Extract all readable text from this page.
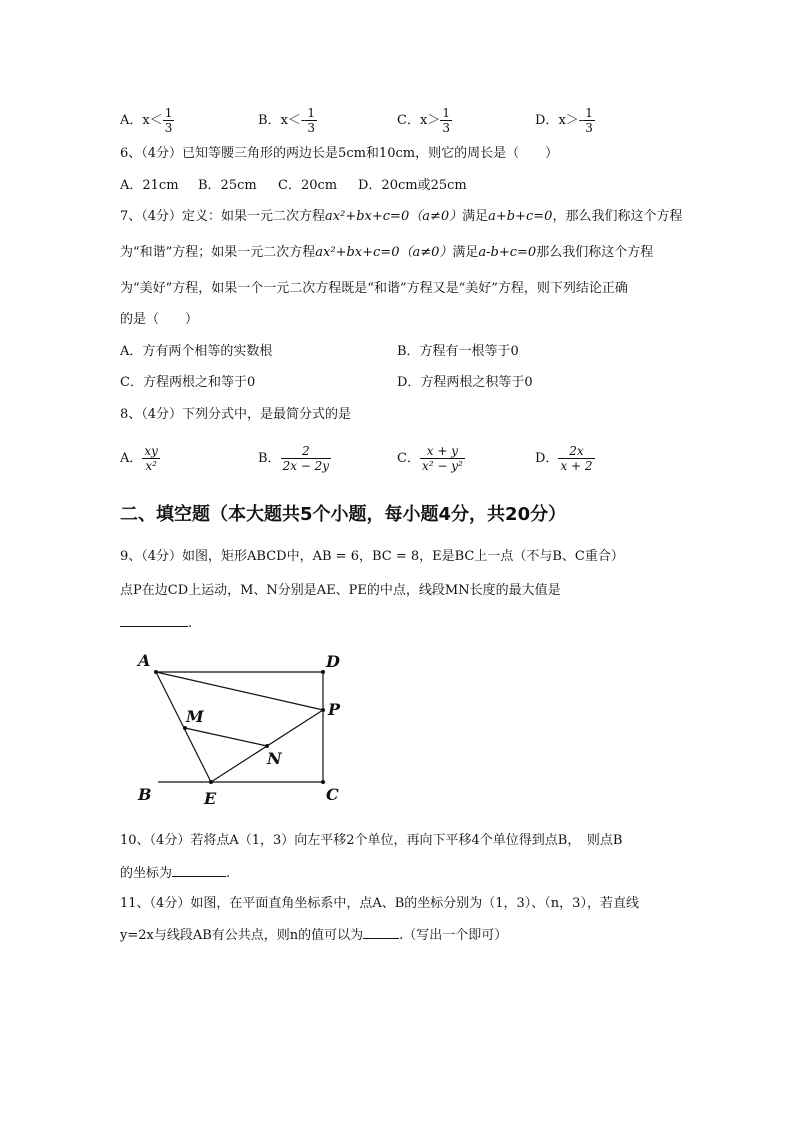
A．$x< \frac{1}{3}$	B．$x<- \frac{1}{3}$	C．$x> \frac{1}{3}$	D．$x>- \frac{1}{3}$
6、（4分）已知等腰三角形的两边长是5cm和10cm，则它的周长是（　　）
A．21cm B．25cm C．20cm D．20cm或25cm
7、（4分）定义：如果一元二次方程ax²+bx+c=0（a≠0）满足a+b+c=0，那么我们称这个方程
为“和谐”方程；如果一元二次方程ax²+bx+c=0（a≠0）满足a-b+c=0那么我们称这个方程
为“美好”方程，如果一个一元二次方程既是“和谐”方程又是“美好”方程，则下列结论正确
的是（　　）
A．方有两个相等的实数根	B．方程有一根等于0
C．方程两根之和等于0	D．方程两根之积等于0
8、（4分）下列分式中，是最简分式的是
A． $\frac{xy}{\text{x²}}$	B． $\frac{2}{2x - 2y}$	C． $\frac{x + y}{\text{x² − y²}}$	D． $\frac{2x}{x + 2}$
二、填空题（本大题共5个小题，每小题4分，共20分）
9、（4分）如图，矩形ABCD中，AB = 6，BC = 8，E是BC上一点（不与B、C重合）
点P在边CD上运动，M、N分别是AE、PE的中点，线段MN长度的最大值是
.
A	D
M	P
N
B	E	C
10、（4分）若将点A（1，3）向左平移2个单位，再向下平移4个单位得到点B，　则点B
的坐标为	.
11、（4分）如图，在平面直角坐标系中，点A、B的坐标分别为（1，3）、（n，3），若直线
y=2x与线段AB有公共点，则n的值可以为	.（写出一个即可）
